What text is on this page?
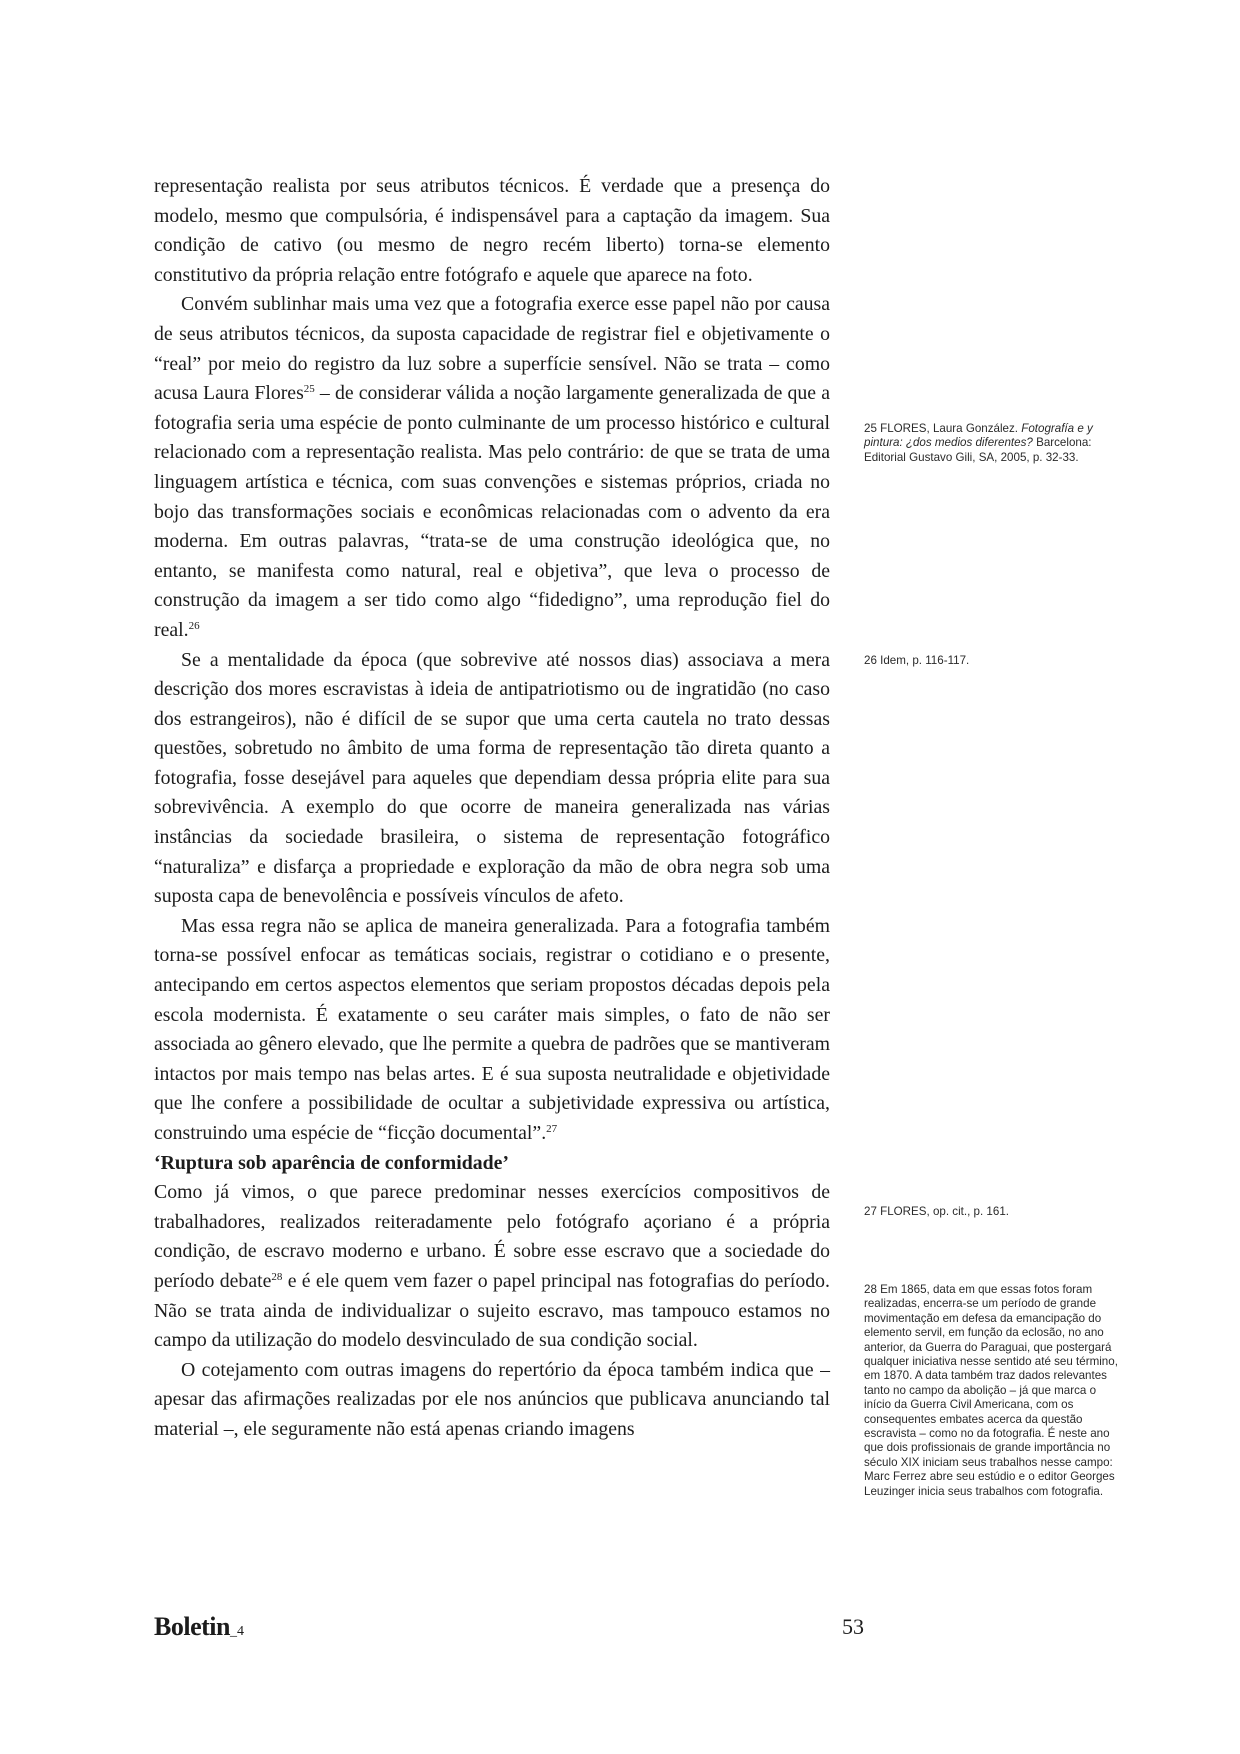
representação realista por seus atributos técnicos. É verdade que a presença do modelo, mesmo que compulsória, é indispensável para a captação da imagem. Sua condição de cativo (ou mesmo de negro recém liberto) torna-se elemento constitutivo da própria relação entre fotógrafo e aquele que aparece na foto.

Convém sublinhar mais uma vez que a fotografia exerce esse papel não por causa de seus atributos técnicos, da suposta capacidade de registrar fiel e objetivamente o “real” por meio do registro da luz sobre a superfície sensível. Não se trata – como acusa Laura Flores$^{25}$ – de considerar válida a noção largamente generalizada de que a fotografia seria uma espécie de ponto culminante de um processo histórico e cultural relacionado com a representação realista. Mas pelo contrário: de que se trata de uma linguagem artística e técnica, com suas convenções e sistemas próprios, criada no bojo das transformações sociais e econômicas relacionadas com o advento da era moderna. Em outras palavras, “trata-se de uma construção ideológica que, no entanto, se manifesta como natural, real e objetiva”, que leva o processo de construção da imagem a ser tido como algo “fidedigno”, uma reprodução fiel do real.$^{26}$

Se a mentalidade da época (que sobrevive até nossos dias) associava a mera descrição dos mores escravistas à ideia de antipatriotismo ou de ingratidão (no caso dos estrangeiros), não é difícil de se supor que uma certa cautela no trato dessas questões, sobretudo no âmbito de uma forma de representação tão direta quanto a fotografia, fosse desejável para aqueles que dependiam dessa própria elite para sua sobrevivência. A exemplo do que ocorre de maneira generalizada nas várias instâncias da sociedade brasileira, o sistema de representação fotográfico “naturaliza” e disfarça a propriedade e exploração da mão de obra negra sob uma suposta capa de benevolência e possíveis vínculos de afeto.

Mas essa regra não se aplica de maneira generalizada. Para a fotografia também torna-se possível enfocar as temáticas sociais, registrar o cotidiano e o presente, antecipando em certos aspectos elementos que seriam propostos décadas depois pela escola modernista. É exatamente o seu caráter mais simples, o fato de não ser associada ao gênero elevado, que lhe permite a quebra de padrões que se mantiveram intactos por mais tempo nas belas artes. E é sua suposta neutralidade e objetividade que lhe confere a possibilidade de ocultar a subjetividade expressiva ou artística, construindo uma espécie de “ficção documental”.$^{27}$

‘Ruptura sob aparência de conformidade’

Como já vimos, o que parece predominar nesses exercícios compositivos de trabalhadores, realizados reiteradamente pelo fotógrafo açoriano é a própria condição, de escravo moderno e urbano. É sobre esse escravo que a sociedade do período debate$^{28}$ e é ele quem vem fazer o papel principal nas fotografias do período. Não se trata ainda de individualizar o sujeito escravo, mas tampouco estamos no campo da utilização do modelo desvinculado de sua condição social.

O cotejamento com outras imagens do repertório da época também indica que – apesar das afirmações realizadas por ele nos anúncios que publicava anunciando tal material –, ele seguramente não está apenas criando imagens

25 FLORES, Laura González. Fotografía e y pintura: ¿dos medios diferentes? Barcelona: Editorial Gustavo Gili, SA, 2005, p. 32-33.
26 Idem, p. 116-117.
27 FLORES, op. cit., p. 161.
28 Em 1865, data em que essas fotos foram realizadas, encerra-se um período de grande movimentação em defesa da emancipação do elemento servil, em função da eclosão, no ano anterior, da Guerra do Paraguai, que postergará qualquer iniciativa nesse sentido até seu término, em 1870. A data também traz dados relevantes tanto no campo da abolição – já que marca o início da Guerra Civil Americana, com os consequentes embates acerca da questão escravista – como no da fotografia. É neste ano que dois profissionais de grande importância no século XIX iniciam seus trabalhos nesse campo: Marc Ferrez abre seu estúdio e o editor Georges Leuzinger inicia seus trabalhos com fotografia.
Boletin_4	53
